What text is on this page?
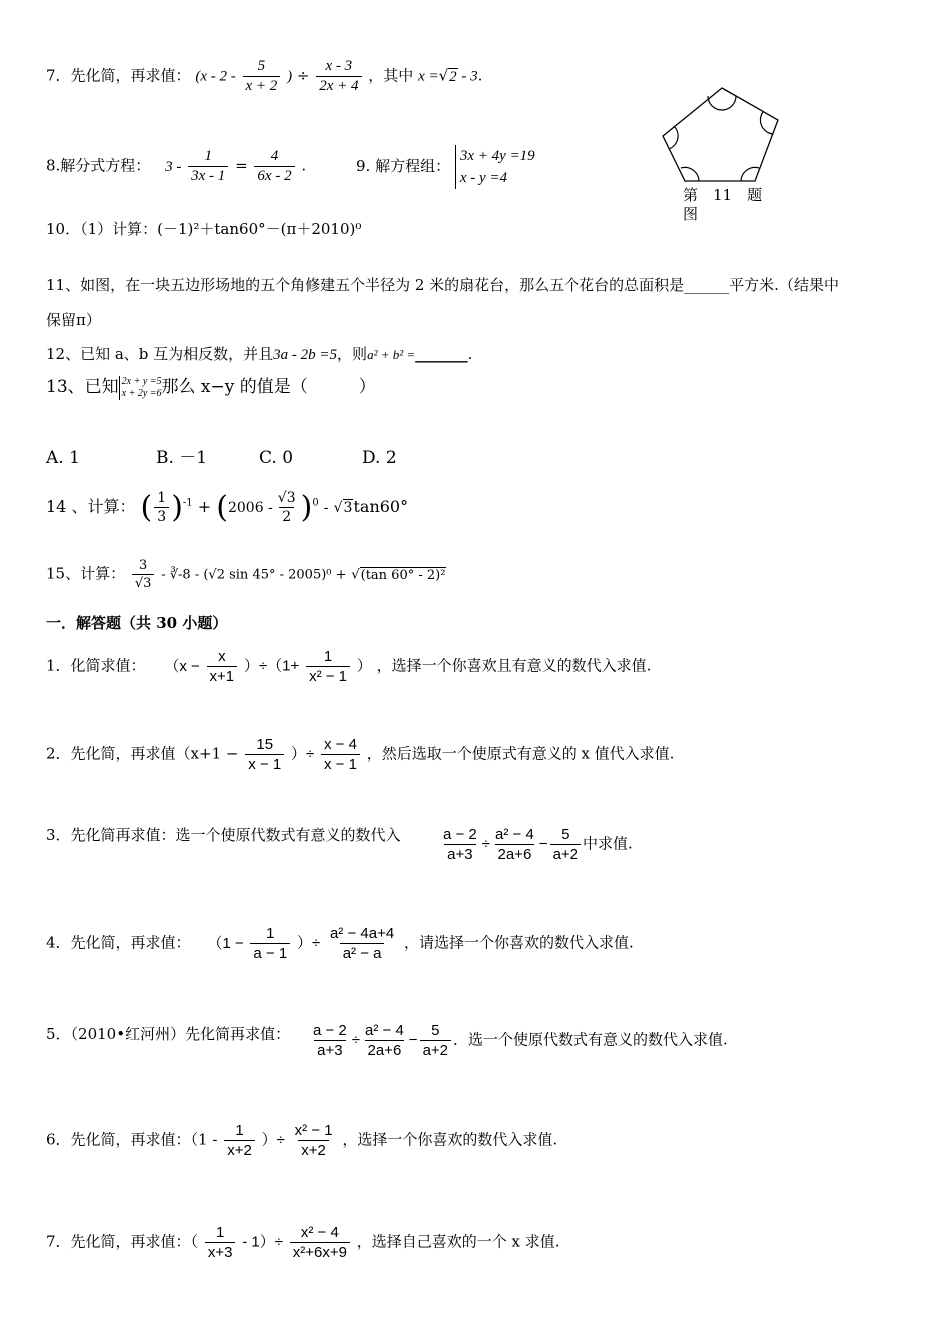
7．先化简，再求值： ($x - 2 - \frac{5}{x + 2}$ ) ÷ $\frac{x - 3}{2x + 4}$ ，其中 x =√2 - 3.
第　11　题
图
8.解分式方程： $3 - \frac{1}{3x - 1} = \frac{4}{6x - 2}$ .	9. 解方程组：
3x + 4y =19
x - y =4
10．（1）计算：(－1)²＋tan60°－(π＋2010)⁰
11、如图，在一块五边形场地的五个角修建五个半径为 2 米的扇花台，那么五个花台的总面积是______平方米.（结果中
保留π）
12、已知 a、b 互为相反数，并且3a - 2b =5，则a² + b² =_______.
13、已知 2x + y =5
x + 2y =6 那么 x−y 的值是（　　　）
A. 1	B. －1	C. 0	D. 2
14 、计算： ( $\frac{1}{3} )^{-1} + (2006 - \frac{√3}{2} )^0 - √3\tan 60^\circ$
15、计算： $\frac{3}{√3}$ - ∛-8 - (√2 sin 45° - 2005)⁰ + √(tan 60° - 2)²
一．解答题（共 30 小题）
1．化简求值： $(x - \frac{x}{x+1} )\div(1+ \frac{1}{\text{x² − 1}}$ ） ，选择一个你喜欢且有意义的数代入求值.
2．先化简，再求值（$x+1 - \frac{15}{x - 1}$ ）÷ $\frac{x - 4}{x - 1}$ ，然后选取一个使原式有意义的 x 值代入求值.
3．先化简再求值：选一个使原代数式有意义的数代入	$\frac{a - 2}{a+3} \div \frac{\text{a² − 4}}{2a+6} - \frac{5}{a+2}$ 中求值.
4．先化简，再求值： （$1 - \frac{1}{a - 1}$ ）÷ $\frac{\text{a² − 4a+4}}{\text{a² − a}}$ ，请选择一个你喜欢的数代入求值.
5．（2010•红河州）先化简再求值： $\frac{a - 2}{a+3} \div \frac{\text{a² − 4}}{2a+6} - \frac{5}{a+2}$ ．选一个使原代数式有意义的数代入求值.
6．先化简，再求值：（$1 - \frac{1}{x+2}$ ）÷ $\frac{\text{x² − 1}}{x+2}$ ，选择一个你喜欢的数代入求值.
7．先化简，再求值：（ $\frac{1}{x+3} - 1)\div \frac{\text{x² − 4}}{\text{x²+6x+9}}$ ，选择自己喜欢的一个 x 求值.
